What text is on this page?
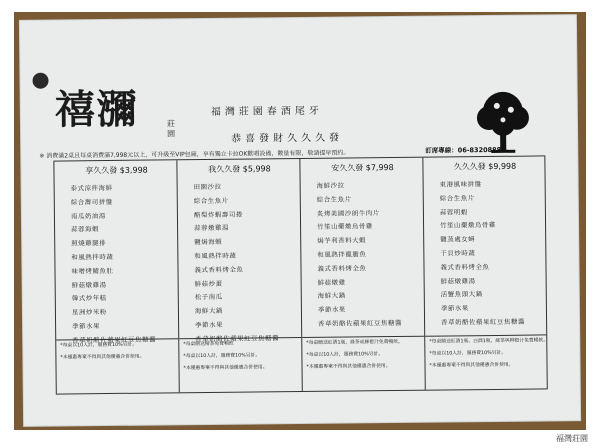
禧瀰	莊園
福灣莊園春酒尾牙
恭喜發財久久久發
※ 消費滿2桌且每桌消費滿7,998元以上，可升級至VIP包廂，享有獨立卡拉OK歡唱設備，數量有限，敬請提早預約。	訂席專線：06-8320888
享久久發 $3,998
泰式涼拌海鮮
綜合壽司拼盤
南瓜奶油湯
蒜蓉海蝦
照燒雞腿排
和風熱拌時蔬
味噌烤鯖魚肚
鮮菇燉雞湯
韓式炒年糕
星洲炒米粉
季節水果
香草奶酪佐蘋果紅豆焦糖醬
*每桌以10人計，服務費10%另計。
*本優惠專案不得與其他優惠合併使用。
我久久發 $5,998
田園沙拉
綜合生魚片
酪梨炸蝦壽司捲
蒜蓉燉雞湯
鹽焗海蝦
和風熱拌時蔬
義式香料烤全魚
鮮菇炒蛋
松子南瓜
海鮮大鍋
季節水果
香草奶酪佐蘋果紅豆焦糖醬
*每桌贈送精茶免費暢飲
*每桌以10人計，服務費10%另計。
*本優惠專案不得與其他優惠合併使用。
安久久發 $7,998
海鮮沙拉
綜合生魚片
炙烤美國沙朗牛肉片
竹笙山藥燉烏骨雞
焗芋利香料大蝦
和風熱拌龍膽魚
義式香料烤全魚
鮮菇燉雞
海鮮大鍋
季節水果
香草奶酪佐蘋果紅豆焦糖醬
*每桌贈送紅酒1瓶，綠茶或柳橙汁免費暢飲。
*每桌以10人計，服務費10%另計。
*本優惠專案不得與其他優惠合併使用。
久久久發 $9,998
東港風味拼盤
綜合生魚片
蒜蓉明蝦
竹笙山藥燉烏骨雞
鹽蒸處女蟳
干貝炒時蔬
義式香料烤全魚
鮮菇燉雞湯
活蟹魚頭大鍋
季節水果
香草奶酪佐蘋果紅豆焦糖醬
*每桌贈送紅酒1瓶、白酒1瓶，綠茶與柳橙汁免費暢飲。
*每桌以10人計，服務費10%另計。
*本優惠專案不得與其他優惠合併使用。
福灣莊園
